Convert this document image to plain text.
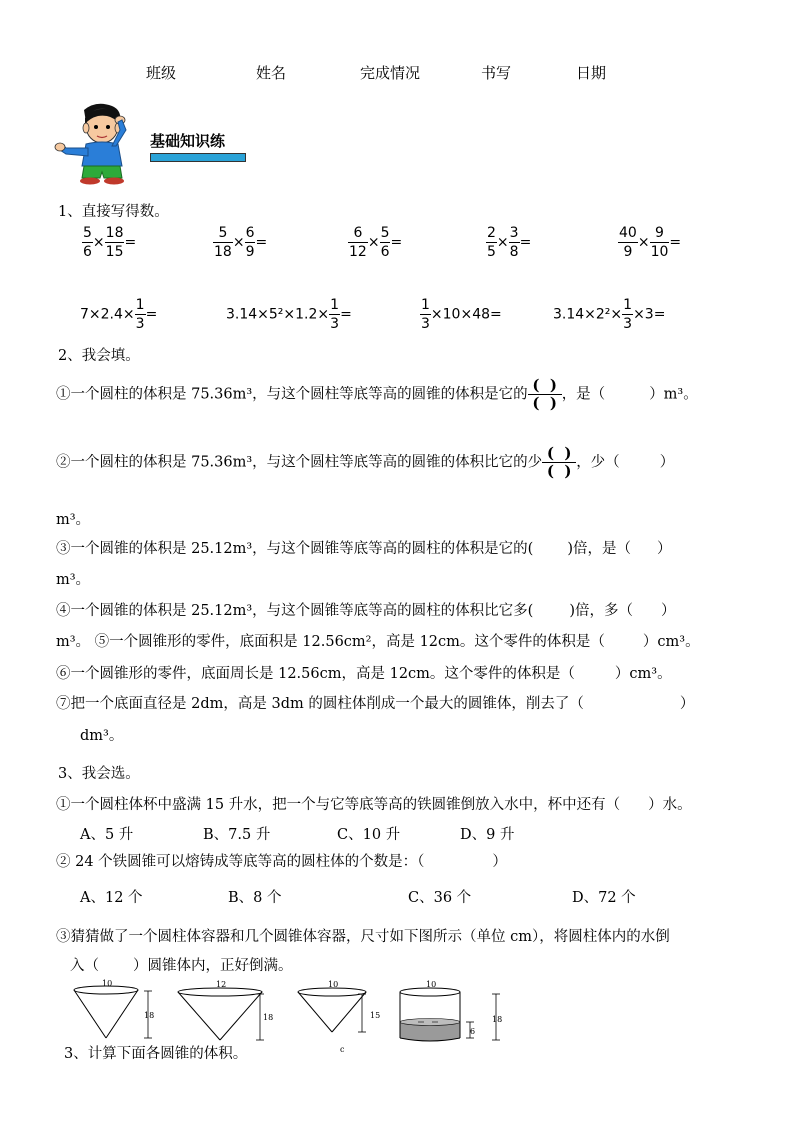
班级	姓名	完成情况	书写	日期
基础知识练
1、直接写得数。
$\frac{5}{6} \times \frac{18}{15}$ =	$\frac{5}{18} \times \frac{6}{9}$ =	$\frac{6}{12} \times \frac{5}{6}$ =	$\frac{2}{5} \times \frac{3}{8}$ =	$\frac{40}{9} \times \frac{9}{10}$ =
$7\times 2.4\times \frac{1}{3}$ =	$3.14\times 5^2\times 1.2\times \frac{1}{3}$ =	$\frac{1}{3} \times 10\times 48=$	$3.14\times 2^2\times \frac{1}{3} \times 3=$
2、我会填。
①一个圆柱的体积是 75.36m³，与这个圆柱等底等高的圆锥的体积是它的 $\frac{( )}{( )}$ ，是（	）m³。
②一个圆柱的体积是 75.36m³，与这个圆柱等底等高的圆锥的体积比它的少 $\frac{( )}{( )}$ ，少（	）
m³。
③一个圆锥的体积是 25.12m³，与这个圆锥等底等高的圆柱的体积是它的( )倍，是（ ）
m³。
④一个圆锥的体积是 25.12m³，与这个圆锥等底等高的圆柱的体积比它多( )倍，多（ ）
m³。 ⑤一个圆锥形的零件，底面积是 12.56cm²，高是 12cm。这个零件的体积是（	）cm³。
⑥一个圆锥形的零件，底面周长是 12.56cm，高是 12cm。这个零件的体积是（	）cm³。
⑦把一个底面直径是 2dm，高是 3dm 的圆柱体削成一个最大的圆锥体，削去了（	）
dm³。
3、我会选。
①一个圆柱体杯中盛满 15 升水，把一个与它等底等高的铁圆锥倒放入水中，杯中还有（ ）水。
A、5 升	B、7.5 升	C、10 升	D、9 升
② 24 个铁圆锥可以熔铸成等底等高的圆柱体的个数是：（	）
A、12 个	B、8 个	C、36 个	D、72 个
③猜猜做了一个圆柱体容器和几个圆锥体容器，尺寸如下图所示（单位 cm），将圆柱体内的水倒
入（ ）圆锥体内，正好倒满。
10
18
12
18
10
15
c
10
18
6
3、计算下面各圆锥的体积。
